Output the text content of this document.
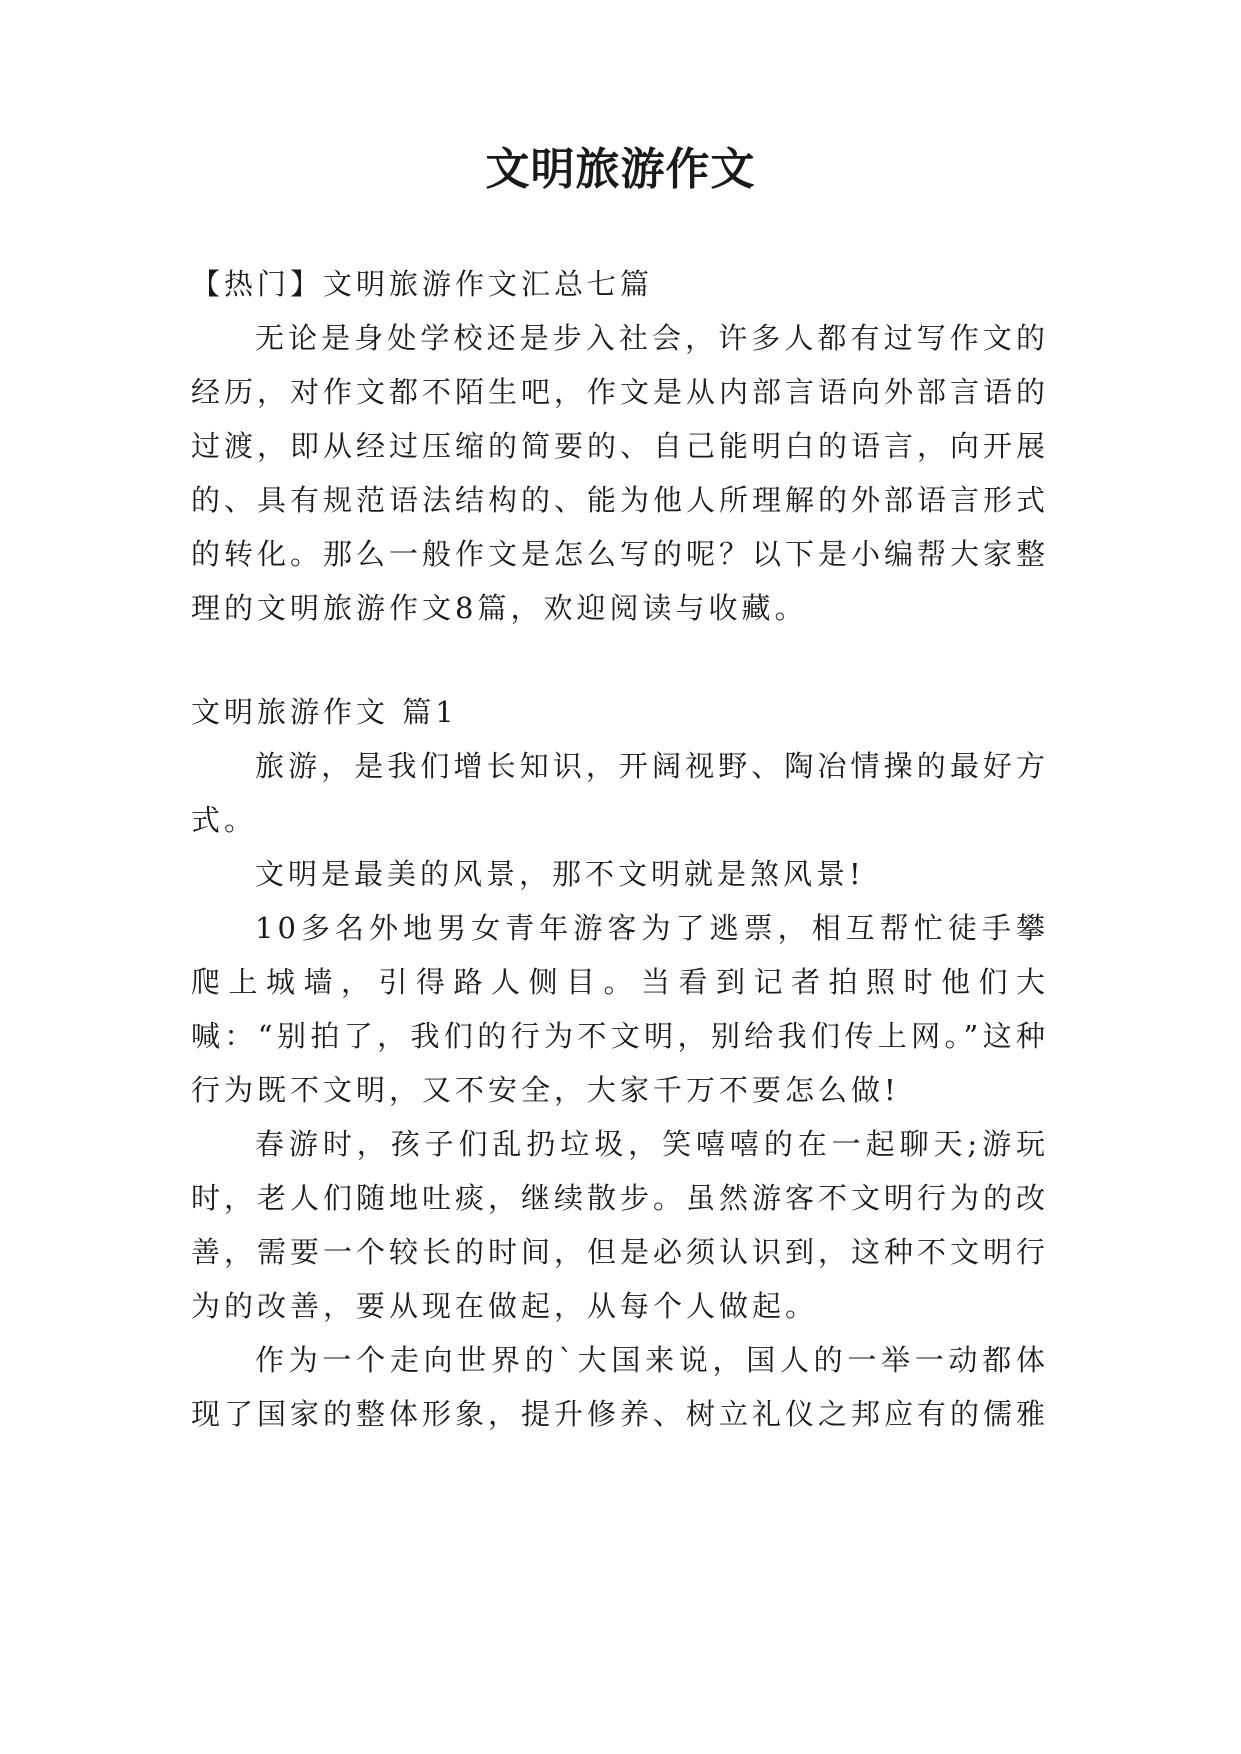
文明旅游作文
【热门】文明旅游作文汇总七篇

无论是身处学校还是步入社会，许多人都有过写作文的经历，对作文都不陌生吧，作文是从内部言语向外部言语的过渡，即从经过压缩的简要的、自己能明白的语言，向开展的、具有规范语法结构的、能为他人所理解的外部语言形式的转化。那么一般作文是怎么写的呢？以下是小编帮大家整理的文明旅游作文8篇，欢迎阅读与收藏。

文明旅游作文 篇1

旅游，是我们增长知识，开阔视野、陶冶情操的最好方式。

文明是最美的风景，那不文明就是煞风景!

10多名外地男女青年游客为了逃票，相互帮忙徒手攀爬上城墙，引得路人侧目。当看到记者拍照时他们大喊：“别拍了，我们的行为不文明，别给我们传上网。”这种行为既不文明，又不安全，大家千万不要怎么做!

春游时，孩子们乱扔垃圾，笑嘻嘻的在一起聊天;游玩时，老人们随地吐痰，继续散步。虽然游客不文明行为的改善，需要一个较长的时间，但是必须认识到，这种不文明行为的改善，要从现在做起，从每个人做起。

作为一个走向世界的`大国来说，国人的一举一动都体现了国家的整体形象，提升修养、树立礼仪之邦应有的儒雅
